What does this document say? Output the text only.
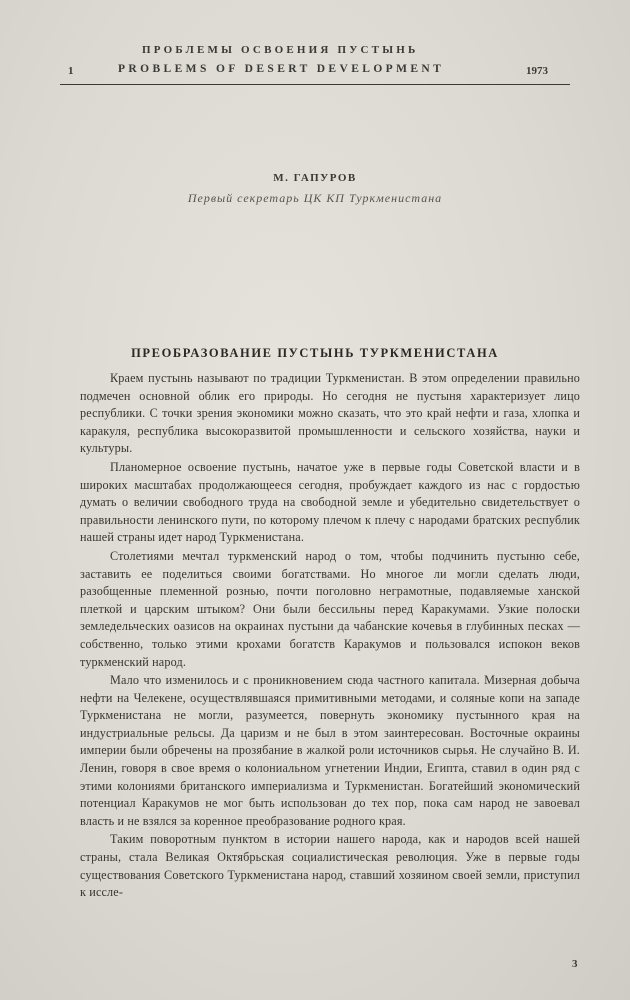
ПРОБЛЕМЫ ОСВОЕНИЯ ПУСТЫНЬ
1	PROBLEMS OF DESERT DEVELOPMENT	1973
М. ГАПУРОВ
Первый секретарь ЦК КП Туркменистана
ПРЕОБРАЗОВАНИЕ ПУСТЫНЬ ТУРКМЕНИСТАНА

Краем пустынь называют по традиции Туркменистан. В этом определении правильно подмечен основной облик его природы. Но сегодня не пустыня характеризует лицо республики. С точки зрения экономики можно сказать, что это край нефти и газа, хлопка и каракуля, республика высокоразвитой промышленности и сельского хозяйства, науки и культуры.

Планомерное освоение пустынь, начатое уже в первые годы Советской власти и в широких масштабах продолжающееся сегодня, пробуждает каждого из нас с гордостью думать о величии свободного труда на свободной земле и убедительно свидетельствует о правильности ленинского пути, по которому плечом к плечу с народами братских республик нашей страны идет народ Туркменистана.

Столетиями мечтал туркменский народ о том, чтобы подчинить пустыню себе, заставить ее поделиться своими богатствами. Но многое ли могли сделать люди, разобщенные племенной рознью, почти поголовно неграмотные, подавляемые ханской плеткой и царским штыком? Они были бессильны перед Каракумами. Узкие полоски земледельческих оазисов на окраинах пустыни да чабанские кочевья в глубинных песках — собственно, только этими крохами богатств Каракумов и пользовался испокон веков туркменский народ.

Мало что изменилось и с проникновением сюда частного капитала. Мизерная добыча нефти на Челекене, осуществлявшаяся примитивными методами, и соляные копи на западе Туркменистана не могли, разумеется, повернуть экономику пустынного края на индустриальные рельсы. Да царизм и не был в этом заинтересован. Восточные окраины империи были обречены на прозябание в жалкой роли источников сырья. Не случайно В. И. Ленин, говоря в свое время о колониальном угнетении Индии, Египта, ставил в один ряд с этими колониями британского империализма и Туркменистан. Богатейший экономический потенциал Каракумов не мог быть использован до тех пор, пока сам народ не завоевал власть и не взялся за коренное преобразование родного края.

Таким поворотным пунктом в истории нашего народа, как и народов всей нашей страны, стала Великая Октябрьская социалистическая революция. Уже в первые годы существования Советского Туркменистана народ, ставший хозяином своей земли, приступил к иссле-

3
